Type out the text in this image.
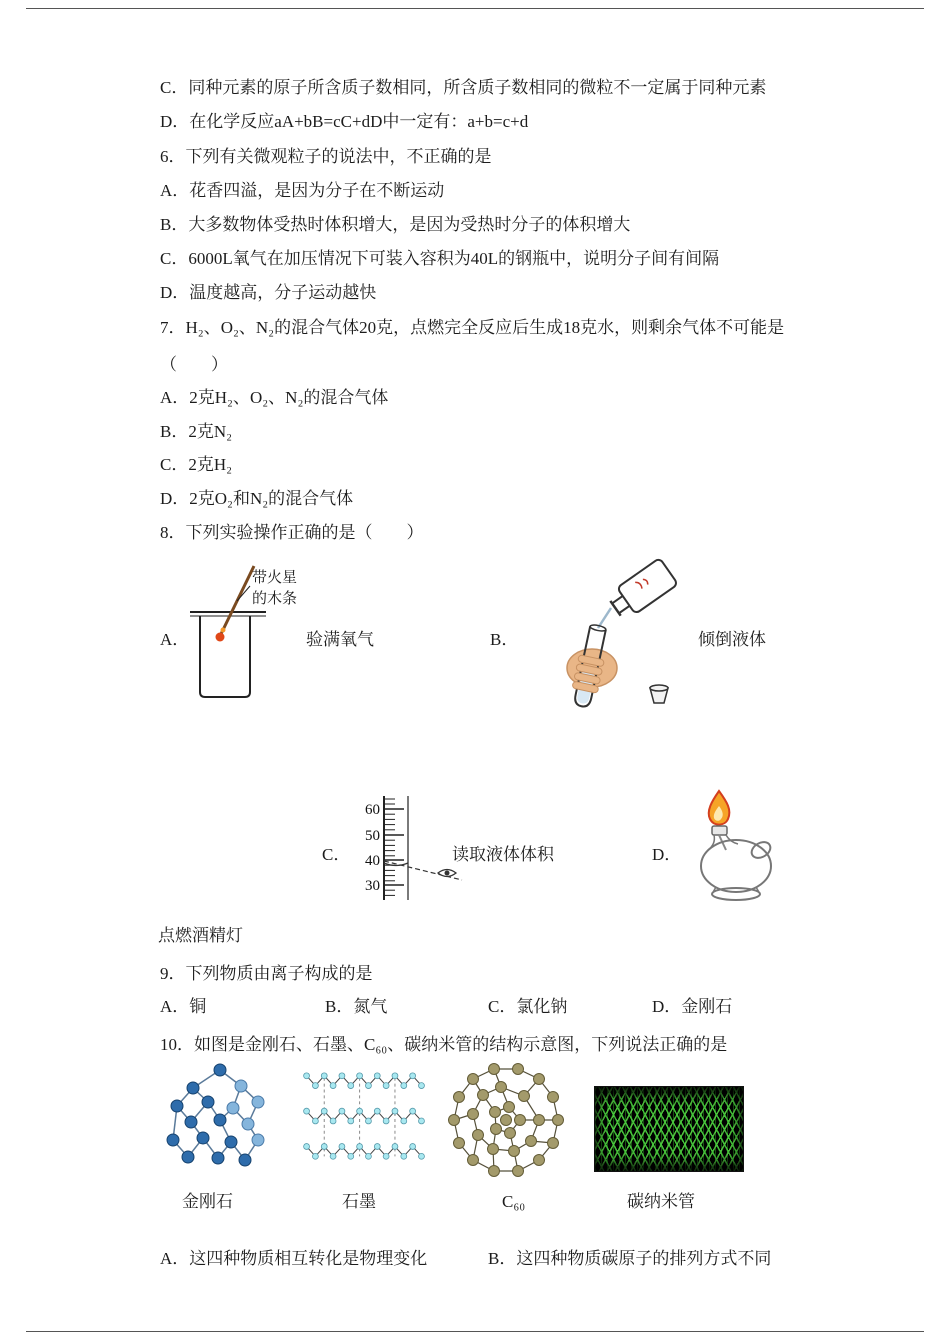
C．同种元素的原子所含质子数相同，所含质子数相同的微粒不一定属于同种元素
D．在化学反应aA+bB=cC+dD中一定有：a+b=c+d
6．下列有关微观粒子的说法中，不正确的是
A．花香四溢，是因为分子在不断运动
B．大多数物体受热时体积增大，是因为受热时分子的体积增大
C．6000L氧气在加压情况下可装入容积为40L的钢瓶中，说明分子间有间隔
D．温度越高，分子运动越快
7．H₂、O₂、N₂的混合气体20克，点燃完全反应后生成18克水，则剩余气体不可能是
（　　）
A．2克H₂、O₂、N₂的混合气体
B．2克N₂
C．2克H₂
D．2克O₂和N₂的混合气体
8．下列实验操作正确的是（　　）
A．
带火星
的木条
验满氧气	B．	倾倒液体
C．
60
50
40
30
读取液体体积	D．
点燃酒精灯
9．下列物质由离子构成的是
A．铜	B．氮气	C．氯化钠	D．金刚石
10．如图是金刚石、石墨、C₆₀、碳纳米管的结构示意图，下列说法正确的是
金刚石	石墨	C₆₀	碳纳米管
A．这四种物质相互转化是物理变化	B．这四种物质碳原子的排列方式不同
